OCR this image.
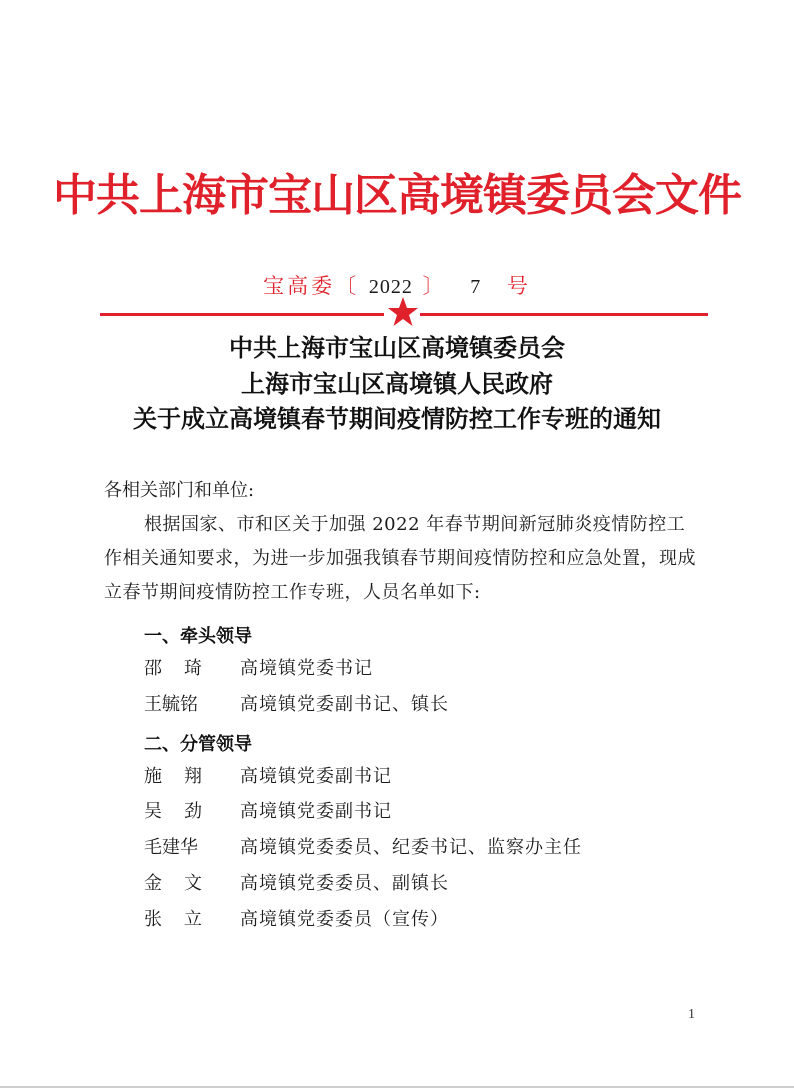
中共上海市宝山区高境镇委员会文件
宝高委〔 2022 〕 7 号
中共上海市宝山区高境镇委员会
上海市宝山区高境镇人民政府
关于成立高境镇春节期间疫情防控工作专班的通知
各相关部门和单位:
根据国家、市和区关于加强 2022 年春节期间新冠肺炎疫情防控工作相关通知要求，为进一步加强我镇春节期间疫情防控和应急处置，现成立春节期间疫情防控工作专班，人员名单如下:
一、牵头领导
邵琦 高境镇党委书记
王毓铭	高境镇党委副书记、镇长
二、分管领导
施翔 高境镇党委副书记
吴劲 高境镇党委副书记
毛建华	高境镇党委委员、纪委书记、监察办主任
金文 高境镇党委委员、副镇长
张立 高境镇党委委员（宣传）
1
